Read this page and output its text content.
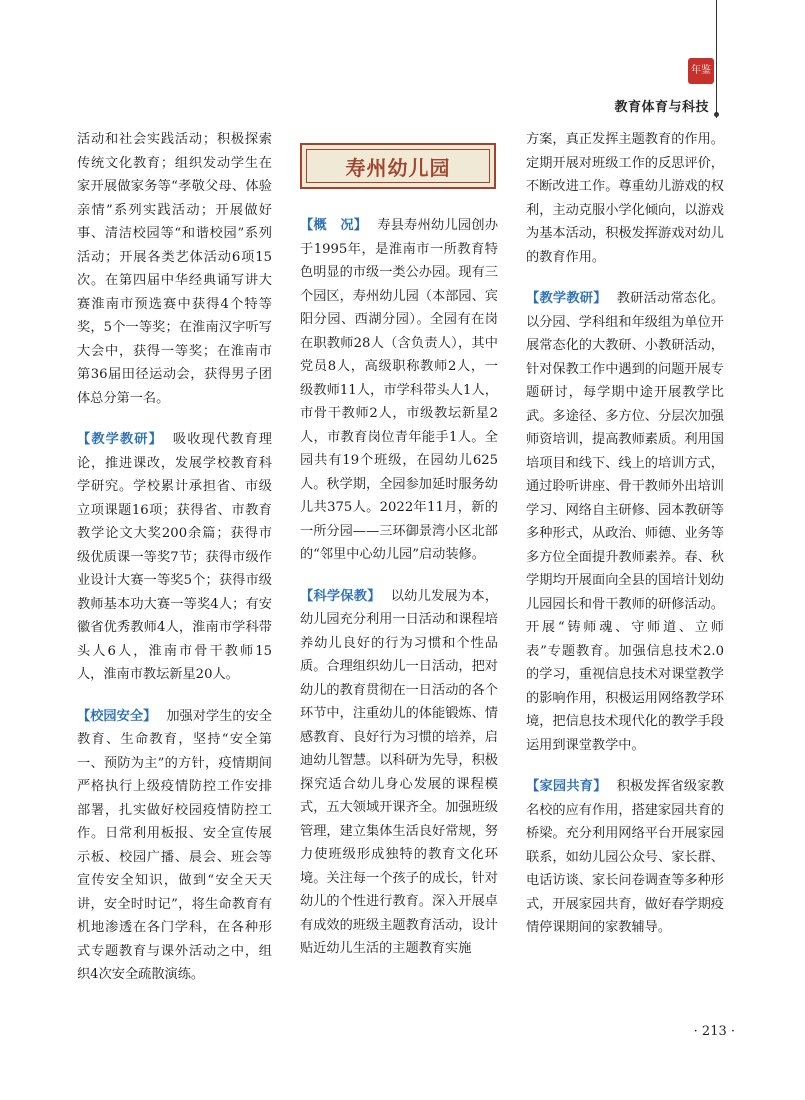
年鉴
教育体育与科技

活动和社会实践活动；积极探索传统文化教育；组织发动学生在家开展做家务等“孝敬父母、体验亲情”系列实践活动；开展做好事、清洁校园等“和谐校园”系列活动；开展各类艺体活动6项15次。在第四届中华经典诵写讲大赛淮南市预选赛中获得4个特等奖，5个一等奖；在淮南汉字听写大会中，获得一等奖；在淮南市第36届田径运动会，获得男子团体总分第一名。

【教学教研】 吸收现代教育理论，推进课改，发展学校教育科学研究。学校累计承担省、市级立项课题16项；获得省、市教育教学论文大奖200余篇；获得市级优质课一等奖7节；获得市级作业设计大赛一等奖5个；获得市级教师基本功大赛一等奖4人；有安徽省优秀教师4人，淮南市学科带头人6人，淮南市骨干教师15人，淮南市教坛新星20人。

【校园安全】 加强对学生的安全教育、生命教育，坚持“安全第一、预防为主”的方针，疫情期间严格执行上级疫情防控工作安排部署，扎实做好校园疫情防控工作。日常利用板报、安全宣传展示板、校园广播、晨会、班会等宣传安全知识，做到“安全天天讲，安全时时记”，将生命教育有机地渗透在各门学科，在各种形式专题教育与课外活动之中，组织4次安全疏散演练。

寿州幼儿园

【概　况】 寿县寿州幼儿园创办于1995年，是淮南市一所教育特色明显的市级一类公办园。现有三个园区，寿州幼儿园（本部园、宾阳分园、西湖分园）。全园有在岗在职教师28人（含负责人），其中党员8人，高级职称教师2人，一级教师11人，市学科带头人1人，市骨干教师2人，市级教坛新星2人，市教育岗位青年能手1人。全园共有19个班级，在园幼儿625人。秋学期，全园参加延时服务幼儿共375人。2022年11月，新的一所分园——三环御景湾小区北部的“邻里中心幼儿园”启动装修。

【科学保教】 以幼儿发展为本，幼儿园充分利用一日活动和课程培养幼儿良好的行为习惯和个性品质。合理组织幼儿一日活动，把对幼儿的教育贯彻在一日活动的各个环节中，注重幼儿的体能锻炼、情感教育、良好行为习惯的培养，启迪幼儿智慧。以科研为先导，积极探究适合幼儿身心发展的课程模式，五大领域开课齐全。加强班级管理，建立集体生活良好常规，努力使班级形成独特的教育文化环境。关注每一个孩子的成长，针对幼儿的个性进行教育。深入开展卓有成效的班级主题教育活动，设计贴近幼儿生活的主题教育实施

方案，真正发挥主题教育的作用。定期开展对班级工作的反思评价，不断改进工作。尊重幼儿游戏的权利，主动克服小学化倾向，以游戏为基本活动，积极发挥游戏对幼儿的教育作用。

【教学教研】 教研活动常态化。以分园、学科组和年级组为单位开展常态化的大教研、小教研活动，针对保教工作中遇到的问题开展专题研讨，每学期中途开展教学比武。多途径、多方位、分层次加强师资培训，提高教师素质。利用国培项目和线下、线上的培训方式，通过聆听讲座、骨干教师外出培训学习、网络自主研修、园本教研等多种形式，从政治、师德、业务等多方位全面提升教师素养。春、秋学期均开展面向全县的国培计划幼儿园园长和骨干教师的研修活动。开展“铸师魂、守师道、立师表”专题教育。加强信息技术2.0的学习，重视信息技术对课堂教学的影响作用，积极运用网络教学环境，把信息技术现代化的教学手段运用到课堂教学中。

【家园共育】 积极发挥省级家教名校的应有作用，搭建家园共育的桥梁。充分利用网络平台开展家园联系，如幼儿园公众号、家长群、电话访谈、家长问卷调查等多种形式，开展家园共育，做好春学期疫情停课期间的家教辅导。

· 213 ·
